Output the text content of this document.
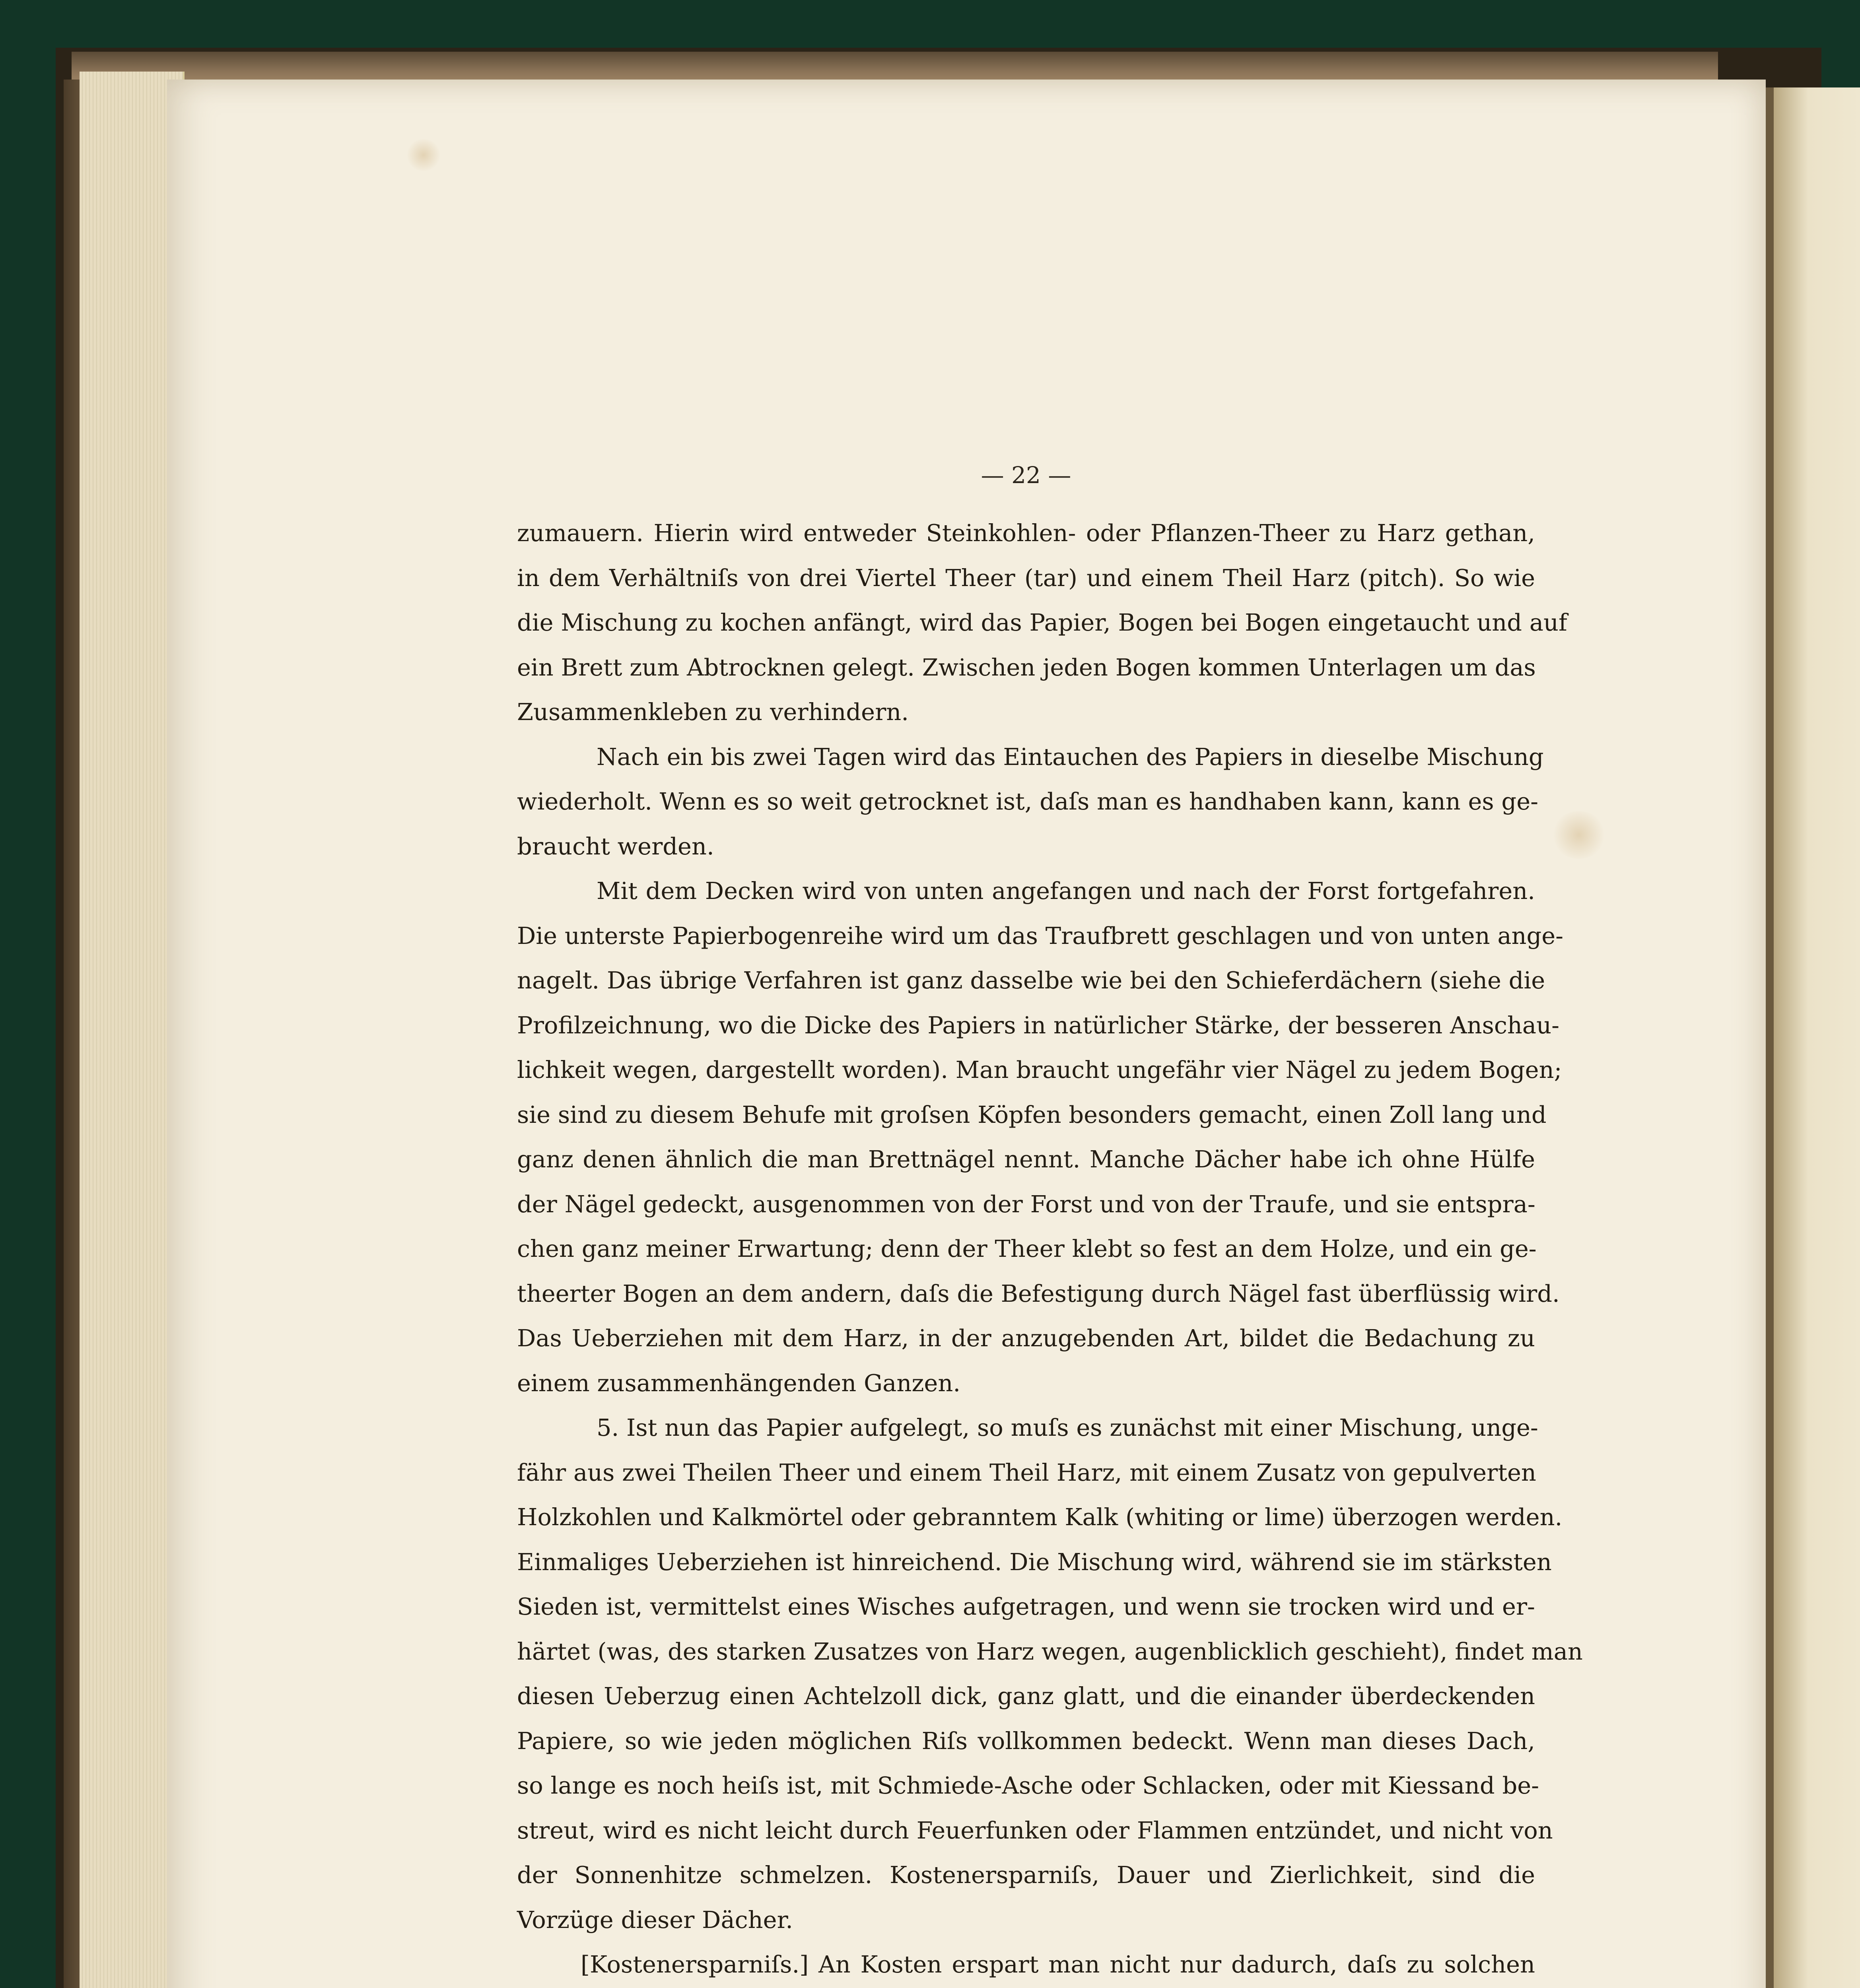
— 22 —
zumauern. Hierin wird entweder Steinkohlen- oder Pflanzen-Theer zu Harz gethan,
in dem Verhältniſs von drei Viertel Theer (tar) und einem Theil Harz (pitch). So wie
die Mischung zu kochen anfängt, wird das Papier, Bogen bei Bogen eingetaucht und auf
ein Brett zum Abtrocknen gelegt. Zwischen jeden Bogen kommen Unterlagen um das
Zusammenkleben zu verhindern.
Nach ein bis zwei Tagen wird das Eintauchen des Papiers in dieselbe Mischung
wiederholt. Wenn es so weit getrocknet ist, daſs man es handhaben kann, kann es ge-
braucht werden.
Mit dem Decken wird von unten angefangen und nach der Forst fortgefahren.
Die unterste Papierbogenreihe wird um das Traufbrett geschlagen und von unten ange-
nagelt. Das übrige Verfahren ist ganz dasselbe wie bei den Schieferdächern (siehe die
Profilzeichnung, wo die Dicke des Papiers in natürlicher Stärke, der besseren Anschau-
lichkeit wegen, dargestellt worden). Man braucht ungefähr vier Nägel zu jedem Bogen;
sie sind zu diesem Behufe mit groſsen Köpfen besonders gemacht, einen Zoll lang und
ganz denen ähnlich die man Brettnägel nennt. Manche Dächer habe ich ohne Hülfe
der Nägel gedeckt, ausgenommen von der Forst und von der Traufe, und sie entspra-
chen ganz meiner Erwartung; denn der Theer klebt so fest an dem Holze, und ein ge-
theerter Bogen an dem andern, daſs die Befestigung durch Nägel fast überflüssig wird.
Das Ueberziehen mit dem Harz, in der anzugebenden Art, bildet die Bedachung zu
einem zusammenhängenden Ganzen.
5. Ist nun das Papier aufgelegt, so muſs es zunächst mit einer Mischung, unge-
fähr aus zwei Theilen Theer und einem Theil Harz, mit einem Zusatz von gepulverten
Holzkohlen und Kalkmörtel oder gebranntem Kalk (whiting or lime) überzogen werden.
Einmaliges Ueberziehen ist hinreichend. Die Mischung wird, während sie im stärksten
Sieden ist, vermittelst eines Wisches aufgetragen, und wenn sie trocken wird und er-
härtet (was, des starken Zusatzes von Harz wegen, augenblicklich geschieht), findet man
diesen Ueberzug einen Achtelzoll dick, ganz glatt, und die einander überdeckenden
Papiere, so wie jeden möglichen Riſs vollkommen bedeckt. Wenn man dieses Dach,
so lange es noch heiſs ist, mit Schmiede-Asche oder Schlacken, oder mit Kiessand be-
streut, wird es nicht leicht durch Feuerfunken oder Flammen entzündet, und nicht von
der Sonnenhitze schmelzen. Kostenersparniſs, Dauer und Zierlichkeit, sind die
Vorzüge dieser Dächer.
[Kostenersparniſs.] An Kosten erspart man nicht nur dadurch, daſs zu solchen
